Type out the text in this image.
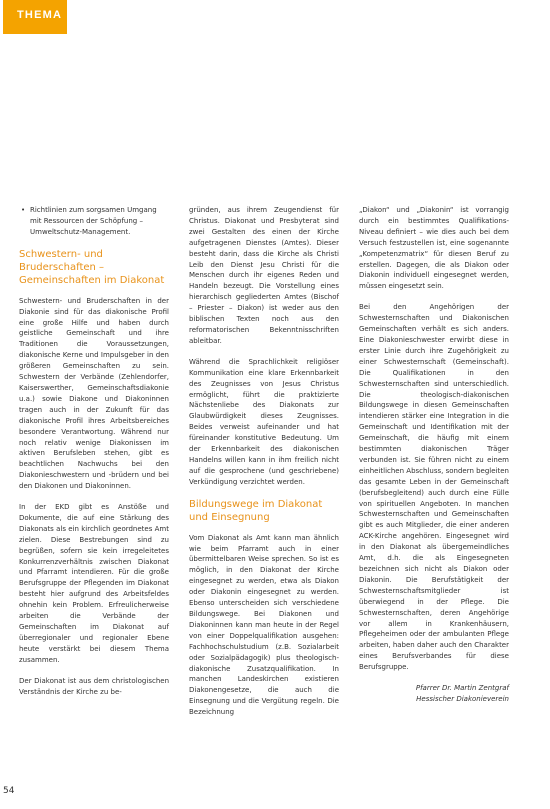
THEMA
• Richtlinien zum sorgsamen Umgang mit Ressourcen der Schöpfung – Umweltschutz-Management.
Schwestern- und Bruderschaften – Gemeinschaften im Diakonat

Schwestern- und Bruderschaften in der Diakonie sind für das diakonische Profil eine große Hilfe und haben durch geistliche Gemeinschaft und ihre Traditionen die Voraussetzungen, diakonische Kerne und Impulsgeber in den größeren Gemeinschaften zu sein. Schwestern der Verbände (Zehlendorfer, Kaiserswerther, Gemeinschaftsdiakonie u.a.) sowie Diakone und Diakoninnen tragen auch in der Zukunft für das diakonische Profil ihres Arbeitsbereiches besondere Verantwortung. Während nur noch relativ wenige Diakonissen im aktiven Berufsleben stehen, gibt es beachtlichen Nachwuchs bei den Diakonieschwestern und -brüdern und bei den Diakonen und Diakoninnen.

In der EKD gibt es Anstöße und Dokumente, die auf eine Stärkung des Diakonats als ein kirchlich geordnetes Amt zielen. Diese Bestrebungen sind zu begrüßen, sofern sie kein irregeleitetes Konkurrenzverhältnis zwischen Diakonat und Pfarramt intendieren. Für die große Berufsgruppe der Pflegenden im Diakonat besteht hier aufgrund des Arbeitsfeldes ohnehin kein Problem. Erfreulicherweise arbeiten die Verbände der Gemeinschaften im Diakonat auf überregionaler und regionaler Ebene heute verstärkt bei diesem Thema zusammen.

Der Diakonat ist aus dem christologischen Verständnis der Kirche zu be-

gründen, aus ihrem Zeugendienst für Christus. Diakonat und Presbyterat sind zwei Gestalten des einen der Kirche aufgetragenen Dienstes (Amtes). Dieser besteht darin, dass die Kirche als Christi Leib den Dienst Jesu Christi für die Menschen durch ihr eigenes Reden und Handeln bezeugt. Die Vorstellung eines hierarchisch gegliederten Amtes (Bischof – Priester – Diakon) ist weder aus den biblischen Texten noch aus den reformatorischen Bekenntnisschriften ableitbar.

Während die Sprachlichkeit religiöser Kommunikation eine klare Erkennbarkeit des Zeugnisses von Jesus Christus ermöglicht, führt die praktizierte Nächstenliebe des Diakonats zur Glaubwürdigkeit dieses Zeugnisses. Beides verweist aufeinander und hat füreinander konstitutive Bedeutung. Um der Erkennbarkeit des diakonischen Handelns willen kann in ihm freilich nicht auf die gesprochene (und geschriebene) Verkündigung verzichtet werden.

Bildungswege im Diakonat und Einsegnung

Vom Diakonat als Amt kann man ähnlich wie beim Pfarramt auch in einer übermittelbaren Weise sprechen. So ist es möglich, in den Diakonat der Kirche eingesegnet zu werden, etwa als Diakon oder Diakonin eingesegnet zu werden. Ebenso unterscheiden sich verschiedene Bildungswege. Bei Diakonen und Diakoninnen kann man heute in der Regel von einer Doppelqualifikation ausgehen: Fachhochschulstudium (z.B. Sozialarbeit oder Sozialpädagogik) plus theologisch-diakonische Zusatzqualifikation. In manchen Landeskirchen existieren Diakonengesetze, die auch die Einsegnung und die Vergütung regeln. Die Bezeichnung

„Diakon“ und „Diakonin“ ist vorrangig durch ein bestimmtes Qualifikations-Niveau definiert – wie dies auch bei dem Versuch festzustellen ist, eine sogenannte „Kompetenzmatrix“ für diesen Beruf zu erstellen. Dagegen, die als Diakon oder Diakonin individuell eingesegnet werden, müssen eingesetzt sein.

Bei den Angehörigen der Schwesternschaften und Diakonischen Gemeinschaften verhält es sich anders. Eine Diakonieschwester erwirbt diese in erster Linie durch ihre Zugehörigkeit zu einer Schwesternschaft (Gemeinschaft). Die Qualifikationen in den Schwesternschaften sind unterschiedlich. Die theologisch-diakonischen Bildungswege in diesen Gemeinschaften intendieren stärker eine Integration in die Gemeinschaft und Identifikation mit der Gemeinschaft, die häufig mit einem bestimmten diakonischen Träger verbunden ist. Sie führen nicht zu einem einheitlichen Abschluss, sondern begleiten das gesamte Leben in der Gemeinschaft (berufsbegleitend) auch durch eine Fülle von spirituellen Angeboten. In manchen Schwesternschaften und Gemeinschaften gibt es auch Mitglieder, die einer anderen ACK-Kirche angehören. Eingesegnet wird in den Diakonat als übergemeindliches Amt, d.h. die als Eingesegneten bezeichnen sich nicht als Diakon oder Diakonin. Die Berufstätigkeit der Schwesternschaftsmitglieder ist überwiegend in der Pflege. Die Schwesternschaften, deren Angehörige vor allem in Krankenhäusern, Pflegeheimen oder der ambulanten Pflege arbeiten, haben daher auch den Charakter eines Berufsverbandes für diese Berufsgruppe.

Pfarrer Dr. Martin Zentgraf
Hessischer Diakonieverein
54
